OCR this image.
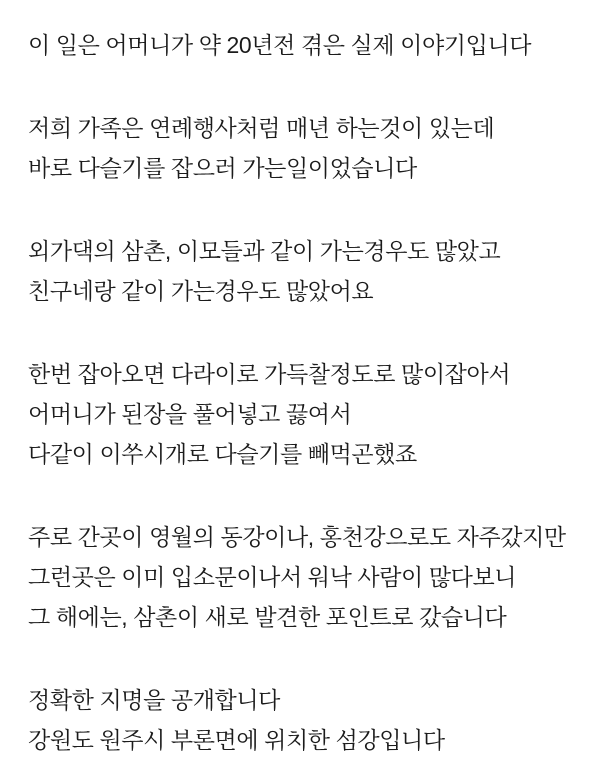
이 일은 어머니가 약 20년전 겪은 실제 이야기입니다

저희 가족은 연례행사처럼 매년 하는것이 있는데

바로 다슬기를 잡으러 가는일이었습니다

외가댁의 삼촌, 이모들과 같이 가는경우도 많았고

친구네랑 같이 가는경우도 많았어요

한번 잡아오면 다라이로 가득찰정도로 많이잡아서

어머니가 된장을 풀어넣고 끓여서

다같이 이쑤시개로 다슬기를 빼먹곤했죠

주로 간곳이 영월의 동강이나, 홍천강으로도 자주갔지만

그런곳은 이미 입소문이나서 워낙 사람이 많다보니

그 해에는, 삼촌이 새로 발견한 포인트로 갔습니다

정확한 지명을 공개합니다

강원도 원주시 부론면에 위치한 섬강입니다
